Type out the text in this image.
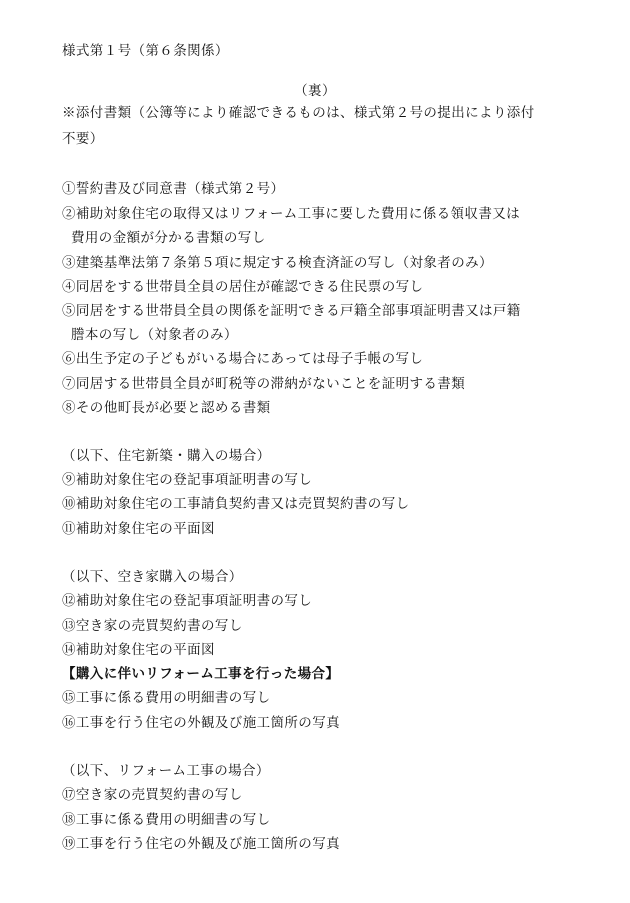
様式第１号（第６条関係）
（裏）
※添付書類（公簿等により確認できるものは、様式第２号の提出により添付
不要）
①誓約書及び同意書（様式第２号）
②補助対象住宅の取得又はリフォーム工事に要した費用に係る領収書又は
費用の金額が分かる書類の写し
③建築基準法第７条第５項に規定する検査済証の写し（対象者のみ）
④同居をする世帯員全員の居住が確認できる住民票の写し
⑤同居をする世帯員全員の関係を証明できる戸籍全部事項証明書又は戸籍
謄本の写し（対象者のみ）
⑥出生予定の子どもがいる場合にあっては母子手帳の写し
⑦同居する世帯員全員が町税等の滞納がないことを証明する書類
⑧その他町長が必要と認める書類
（以下、住宅新築・購入の場合）
⑨補助対象住宅の登記事項証明書の写し
⑩補助対象住宅の工事請負契約書又は売買契約書の写し
⑪補助対象住宅の平面図
（以下、空き家購入の場合）
⑫補助対象住宅の登記事項証明書の写し
⑬空き家の売買契約書の写し
⑭補助対象住宅の平面図
【購入に伴いリフォーム工事を行った場合】
⑮工事に係る費用の明細書の写し
⑯工事を行う住宅の外観及び施工箇所の写真
（以下、リフォーム工事の場合）
⑰空き家の売買契約書の写し
⑱工事に係る費用の明細書の写し
⑲工事を行う住宅の外観及び施工箇所の写真
